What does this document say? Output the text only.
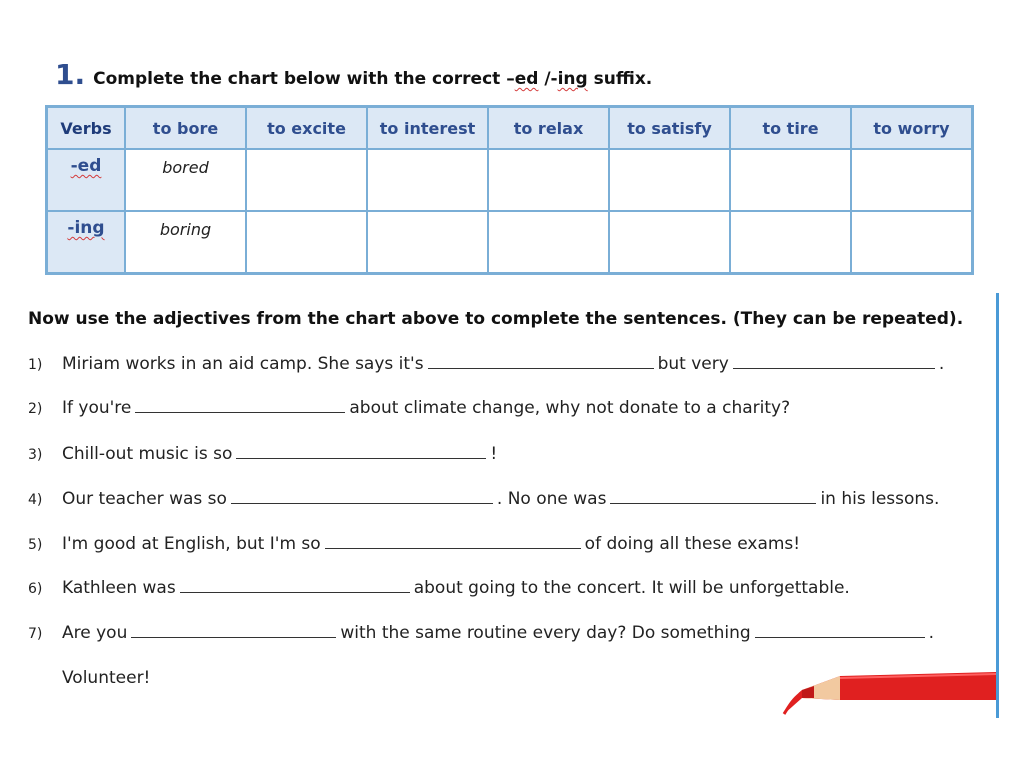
1. Complete the chart below with the correct –ed /-ing suffix.
Verbs	to bore	to excite	to interest	to relax	to satisfy	to tire	to worry
-ed	bored						
-ing	boring						
Now use the adjectives from the chart above to complete the sentences. (They can be repeated).
1) Miriam works in an aid camp. She says it's	but very	.
2) If you're	about climate change, why not donate to a charity?
3) Chill-out music is so	!
4) Our teacher was so	. No one was	in his lessons.
5) I'm good at English, but I'm so	of doing all these exams!
6) Kathleen was	about going to the concert. It will be unforgettable.
7) Are you	with the same routine every day? Do something	.
Volunteer!
